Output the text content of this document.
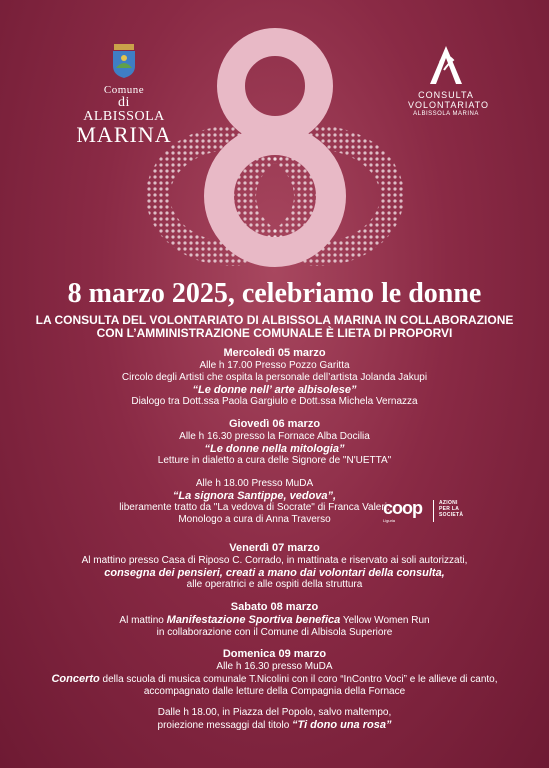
Comune
di ALBISSOLA
MARINA
CONSULTA
VOLONTARIATO
ALBISSOLA MARINA
8
8 marzo 2025, celebriamo le donne
LA CONSULTA DEL VOLONTARIATO DI ALBISSOLA MARINA IN COLLABORAZIONE
CON L’AMMINISTRAZIONE COMUNALE È LIETA DI PROPORVI
Mercoledì 05 marzo
Alle h 17.00 Presso Pozzo Garitta
Circolo degli Artisti che ospita la personale dell’artista Jolanda Jakupi
“Le donne nell’ arte albisolese”
Dialogo tra Dott.ssa Paola Gargiulo e Dott.ssa Michela Vernazza
Giovedì 06 marzo
Alle h 16.30 presso la Fornace Alba Docilia
“Le donne nella mitologia”
Letture in dialetto a cura delle Signore de "N'UETTA"
Alle h 18.00 Presso MuDA
“La signora Santippe, vedova”,
liberamente tratto da "La vedova di Socrate" di Franca Valeri.
Monologo a cura di Anna Traverso
coop
Liguria
AZIONI
PER LA
SOCIETÀ
Venerdì 07 marzo
Al mattino presso Casa di Riposo C. Corrado, in mattinata e riservato ai soli autorizzati,
consegna dei pensieri, creati a mano dai volontari della consulta,
alle operatrici e alle ospiti della struttura
Sabato 08 marzo
Al mattino Manifestazione Sportiva benefica Yellow Women Run
in collaborazione con il Comune di Albisola Superiore
Domenica 09 marzo
Alle h 16.30 presso MuDA
Concerto della scuola di musica comunale T.Nicolini con il coro “InContro Voci” e le allieve di canto,
accompagnato dalle letture della Compagnia della Fornace
Dalle h 18.00, in Piazza del Popolo, salvo maltempo,
proiezione messaggi dal titolo “Ti dono una rosa”
